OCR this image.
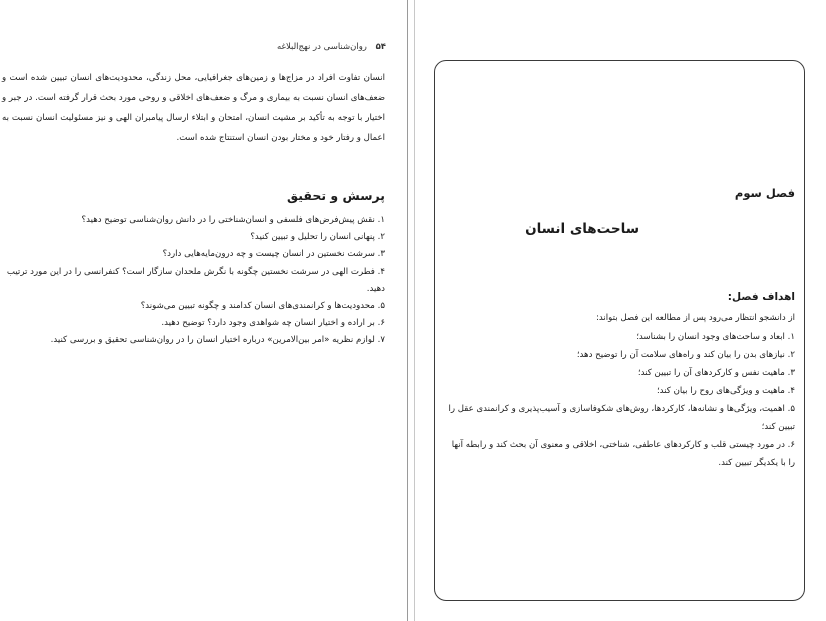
۵۴ روان‌شناسی در نهج‌البلاغه

انسان تفاوت افراد در مزاج‌ها و زمین‌های جغرافیایی، محل زندگی، محدودیت‌های انسان تبیین شده است و ضعف‌های انسان نسبت به بیماری و مرگ و ضعف‌های اخلاقی و روحی مورد بحث قرار گرفته است. در جبر و اختیار با توجه به تأکید بر مشیت انسان، امتحان و ابتلاء ارسال پیامبران الهی و نیز مسئولیت انسان نسبت به اعمال و رفتار خود و مختار بودن انسان استنتاج شده است.

پرسش و تحقیق
۱. نقش پیش‌فرض‌های فلسفی و انسان‌شناختی را در دانش روان‌شناسی توضیح دهید؟
۲. پنهانی انسان را تحلیل و تبیین کنید؟
۳. سرشت نخستین در انسان چیست و چه درون‌مایه‌هایی دارد؟
۴. فطرت الهی در سرشت نخستین چگونه با نگرش ملحدان سازگار است؟ کنفرانسی را در این مورد ترتیب دهید.
۵. محدودیت‌ها و کرانمندی‌های انسان کدامند و چگونه تبیین می‌شوند؟
۶. بر اراده و اختیار انسان چه شواهدی وجود دارد؟ توضیح دهید.
۷. لوازم نظریه «امر بین‌الامرین» درباره اختیار انسان را در روان‌شناسی تحقیق و بررسی کنید.
فصل سوم
ساحت‌های انسان
اهداف فصل:
از دانشجو انتظار می‌رود پس از مطالعه این فصل بتواند:
۱. ابعاد و ساحت‌های وجود انسان را بشناسد؛
۲. نیازهای بدن را بیان کند و راه‌های سلامت آن را توضیح دهد؛
۳. ماهیت نفس و کارکردهای آن را تبیین کند؛
۴. ماهیت و ویژگی‌های روح را بیان کند؛
۵. اهمیت، ویژگی‌ها و نشانه‌ها، کارکردها، روش‌های شکوفاسازی و آسیب‌پذیری و کرانمندی عقل را تبیین کند؛
۶. در مورد چیستی قلب و کارکردهای عاطفی، شناختی، اخلاقی و معنوی آن بحث کند و رابطه آنها را با یکدیگر تبیین کند.
